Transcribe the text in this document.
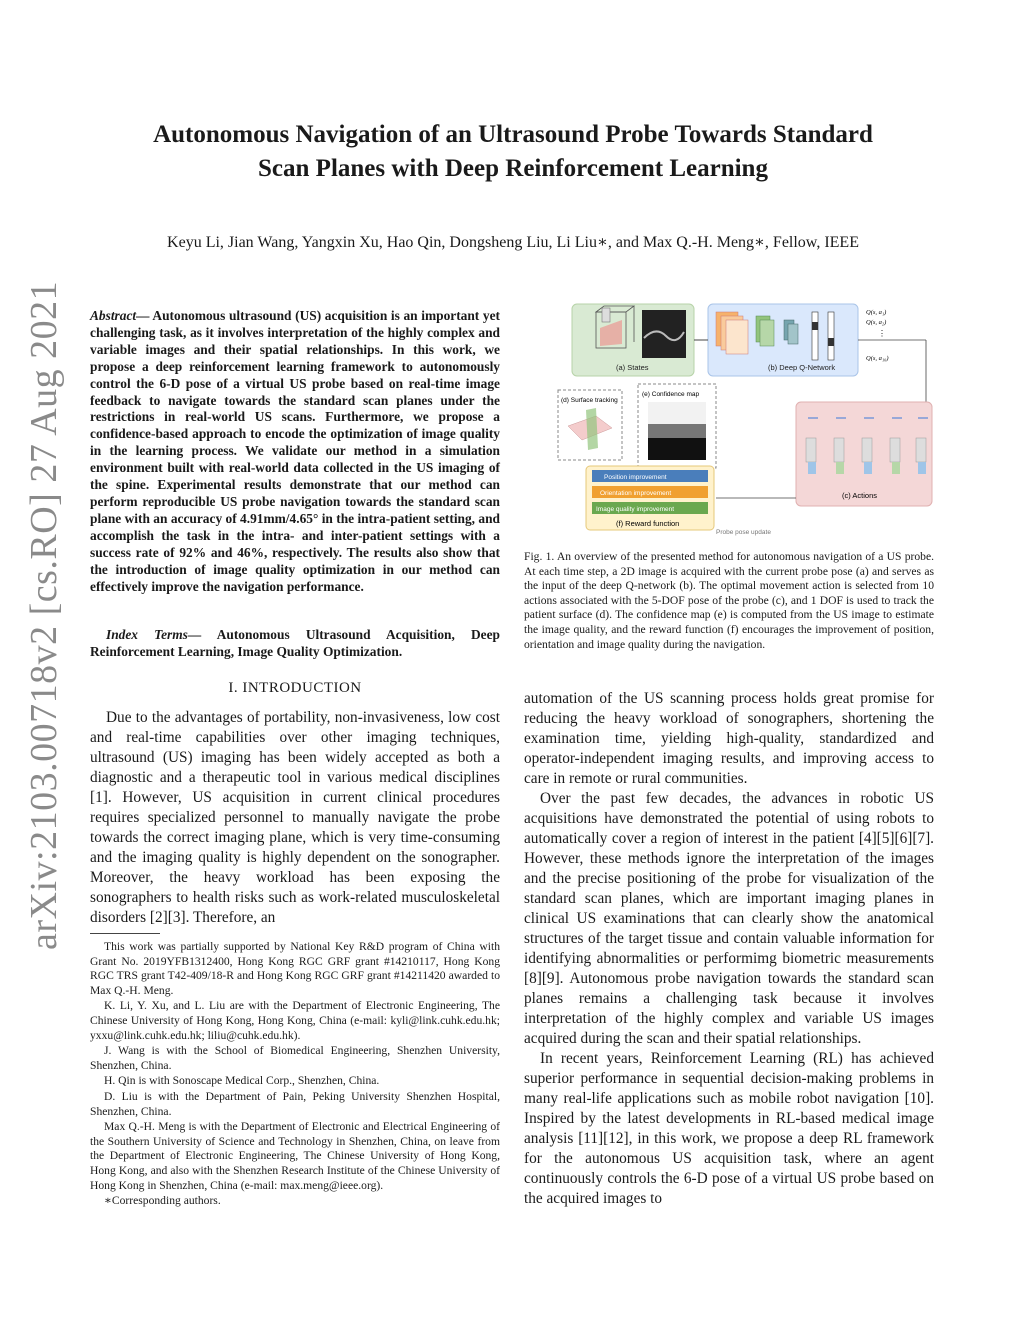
arXiv:2103.00718v2 [cs.RO] 27 Aug 2021
Autonomous Navigation of an Ultrasound Probe Towards Standard
Scan Planes with Deep Reinforcement Learning
Keyu Li, Jian Wang, Yangxin Xu, Hao Qin, Dongsheng Liu, Li Liu∗, and Max Q.-H. Meng∗, Fellow, IEEE
Abstract— Autonomous ultrasound (US) acquisition is an important yet challenging task, as it involves interpretation of the highly complex and variable images and their spatial relationships. In this work, we propose a deep reinforcement learning framework to autonomously control the 6-D pose of a virtual US probe based on real-time image feedback to navigate towards the standard scan planes under the restrictions in real-world US scans. Furthermore, we propose a confidence-based approach to encode the optimization of image quality in the learning process. We validate our method in a simulation environment built with real-world data collected in the US imaging of the spine. Experimental results demonstrate that our method can perform reproducible US probe navigation towards the standard scan plane with an accuracy of 4.91mm/4.65° in the intra-patient setting, and accomplish the task in the intra- and inter-patient settings with a success rate of 92% and 46%, respectively. The results also show that the introduction of image quality optimization in our method can effectively improve the navigation performance.
Index Terms— Autonomous Ultrasound Acquisition, Deep Reinforcement Learning, Image Quality Optimization.
I. INTRODUCTION

Due to the advantages of portability, non-invasiveness, low cost and real-time capabilities over other imaging techniques, ultrasound (US) imaging has been widely accepted as both a diagnostic and a therapeutic tool in various medical disciplines [1]. However, US acquisition in current clinical procedures requires specialized personnel to manually navigate the probe towards the correct imaging plane, which is very time-consuming and the imaging quality is highly dependent on the sonographer. Moreover, the heavy workload has been exposing the sonographers to health risks such as work-related musculoskeletal disorders [2][3]. Therefore, an

This work was partially supported by National Key R&D program of China with Grant No. 2019YFB1312400, Hong Kong RGC GRF grant #14210117, Hong Kong RGC TRS grant T42-409/18-R and Hong Kong RGC GRF grant #14211420 awarded to Max Q.-H. Meng.

K. Li, Y. Xu, and L. Liu are with the Department of Electronic Engineering, The Chinese University of Hong Kong, Hong Kong, China (e-mail: kyli@link.cuhk.edu.hk; yxxu@link.cuhk.edu.hk; liliu@cuhk.edu.hk).

J. Wang is with the School of Biomedical Engineering, Shenzhen University, Shenzhen, China.

H. Qin is with Sonoscape Medical Corp., Shenzhen, China.

D. Liu is with the Department of Pain, Peking University Shenzhen Hospital, Shenzhen, China.

Max Q.-H. Meng is with the Department of Electronic and Electrical Engineering of the Southern University of Science and Technology in Shenzhen, China, on leave from the Department of Electronic Engineering, The Chinese University of Hong Kong, Hong Kong, and also with the Shenzhen Research Institute of the Chinese University of Hong Kong in Shenzhen, China (e-mail: max.meng@ieee.org).

∗Corresponding authors.

(a) States	(b) Deep Q-Network
Q(s, a₁)
Q(s, a₂)
⋮
Q(s, a₁₀)
(d) Surface tracking
(e) Confidence map
(c) Actions
Position improvement
Orientation improvement
Image quality improvement
(f) Reward function
Probe pose update
Fig. 1. An overview of the presented method for autonomous navigation of a US probe. At each time step, a 2D image is acquired with the current probe pose (a) and serves as the input of the deep Q-network (b). The optimal movement action is selected from 10 actions associated with the 5-DOF pose of the probe (c), and 1 DOF is used to track the patient surface (d). The confidence map (e) is computed from the US image to estimate the image quality, and the reward function (f) encourages the improvement of position, orientation and image quality during the navigation.

automation of the US scanning process holds great promise for reducing the heavy workload of sonographers, shortening the examination time, yielding high-quality, standardized and operator-independent imaging results, and improving access to care in remote or rural communities.

Over the past few decades, the advances in robotic US acquisitions have demonstrated the potential of using robots to automatically cover a region of interest in the patient [4][5][6][7]. However, these methods ignore the interpretation of the images and the precise positioning of the probe for visualization of the standard scan planes, which are important imaging planes in clinical US examinations that can clearly show the anatomical structures of the target tissue and contain valuable information for identifying abnormalities or performimg biometric measurements [8][9]. Autonomous probe navigation towards the standard scan planes remains a challenging task because it involves interpretation of the highly complex and variable US images acquired during the scan and their spatial relationships.

In recent years, Reinforcement Learning (RL) has achieved superior performance in sequential decision-making problems in many real-life applications such as mobile robot navigation [10]. Inspired by the latest developments in RL-based medical image analysis [11][12], in this work, we propose a deep RL framework for the autonomous US acquisition task, where an agent continuously controls the 6-D pose of a virtual US probe based on the acquired images to
